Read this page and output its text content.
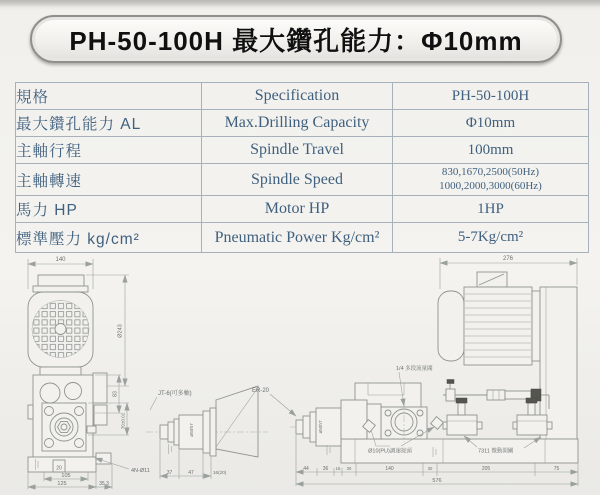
PH-50-100H 最大鑽孔能力：Φ10mm
規格	Specification	PH-50-100H
最大鑽孔能力 AL	Max.Drilling Capacity	Φ10mm
主軸行程	Spindle Travel	100mm
主軸轉速	Spindle Speed	830,1670,2500(50Hz)
1000,2000,3000(60Hz)

馬力 HP	Motor HP	1HP
標準壓力 kg/cm²	Pneumatic Power Kg/cm²	5-7Kg/cm²
140
Ø243
20
83
70±0.02
105
125	35.3
4N-Ø11
JT-6(可多軸)
ø50h7
37	47	16(20)
ER-20
276
ø50h7
1/4 多段流量閥
Ø10(PU)調速接頭	7311 微動開關
44	36 16 30	140	30	205	75
576
